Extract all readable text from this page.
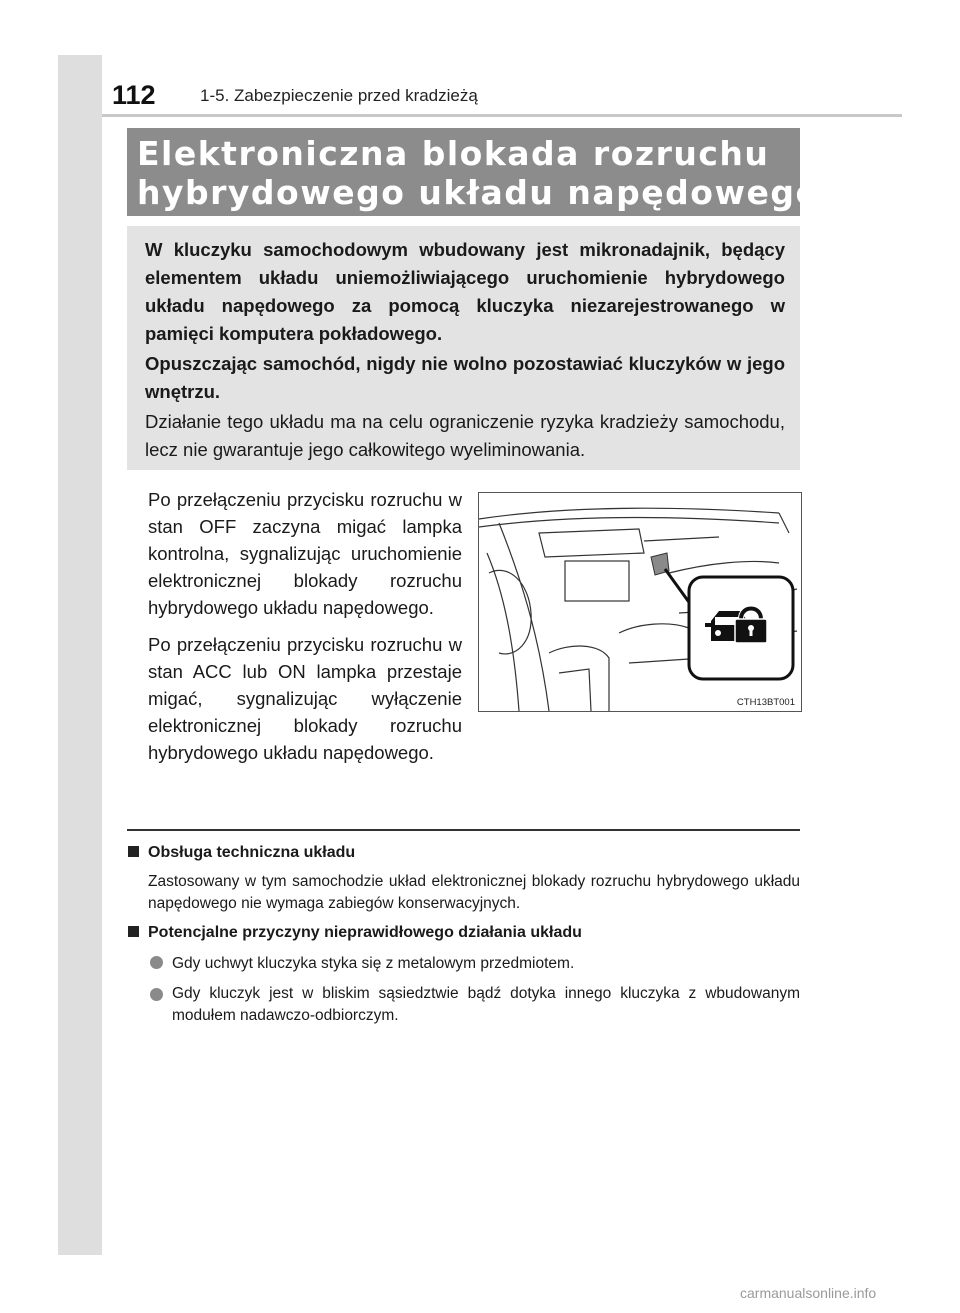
112	1-5. Zabezpieczenie przed kradzieżą
Elektroniczna blokada rozruchu
hybrydowego układu napędowego

W kluczyku samochodowym wbudowany jest mikronadajnik, będący elementem układu uniemożliwiającego uruchomienie hybrydowego układu napędowego za pomocą kluczyka niezarejestrowanego w pamięci komputera pokładowego.

Opuszczając samochód, nigdy nie wolno pozostawiać kluczyków w jego wnętrzu.

Działanie tego układu ma na celu ograniczenie ryzyka kradzieży samochodu, lecz nie gwarantuje jego całkowitego wyeliminowania.

Po przełączeniu przycisku rozruchu w stan OFF zaczyna migać lampka kontrolna, sygnalizując uruchomienie elektronicznej blokady rozruchu hybrydowego układu napędowego.

Po przełączeniu przycisku rozruchu w stan ACC lub ON lampka przestaje migać, sygnalizując wyłączenie elektronicznej blokady rozruchu hybrydowego układu napędowego.

CTH13BT001
Obsługa techniczna układu

Zastosowany w tym samochodzie układ elektronicznej blokady rozruchu hybrydowego układu napędowego nie wymaga zabiegów konserwacyjnych.

Potencjalne przyczyny nieprawidłowego działania układu
Gdy uchwyt kluczyka styka się z metalowym przedmiotem.
Gdy kluczyk jest w bliskim sąsiedztwie bądź dotyka innego kluczyka z wbudowanym modułem nadawczo-odbiorczym.
carmanualsonline.info
